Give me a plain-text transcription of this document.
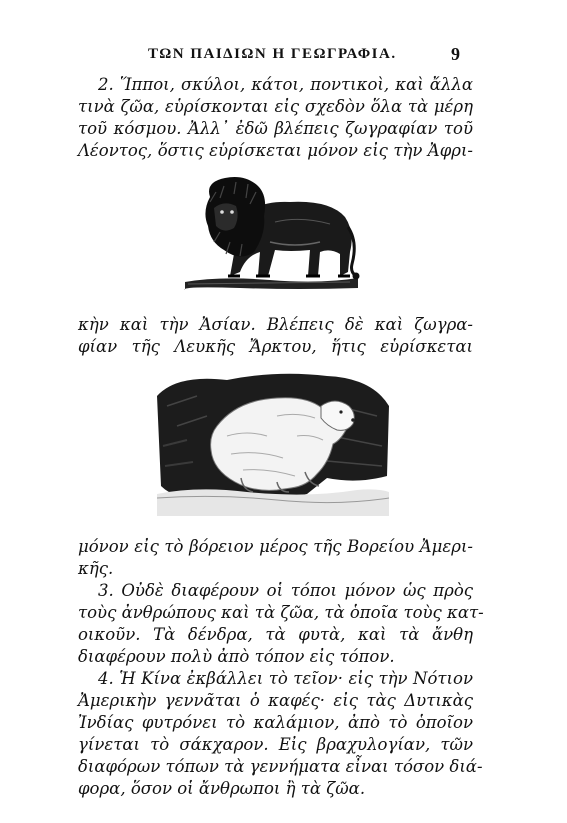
ΤΩΝ ΠΑΙΔΙΩΝ Η ΓΕΩΓΡΑΦΙΑ.	9
2. Ἵπποι, σκύλοι, κάτοι, ποντικοὶ, καὶ ἄλλα
τινὰ ζῶα, εὑρίσκονται εἰς σχεδὸν ὅλα τὰ μέρη
τοῦ κόσμου. Ἀλλ᾽ ἐδῶ βλέπεις ζωγραφίαν τοῦ
Λέοντος, ὅστις εὑρίσκεται μόνον εἰς τὴν Ἀφρι-
κὴν καὶ τὴν Ἀσίαν. Βλέπεις δὲ καὶ ζωγρα-
φίαν τῆς Λευκῆς Ἄρκτου, ἥτις εὑρίσκεται
μόνον εἰς τὸ βόρειον μέρος τῆς Βορείου Ἀμερι-
κῆς.
3. Οὐδὲ διαφέρουν οἱ τόποι μόνον ὡς πρὸς
τοὺς ἀνθρώπους καὶ τὰ ζῶα, τὰ ὁποῖα τοὺς κατ-
οικοῦν. Τὰ δένδρα, τὰ φυτὰ, καὶ τὰ ἄνθη
διαφέρουν πολὺ ἀπὸ τόπον εἰς τόπον.
4. Ἡ Κίνα ἐκβάλλει τὸ τεῖον· εἰς τὴν Νότιον
Ἀμερικὴν γεννᾶται ὁ καφές· εἰς τὰς Δυτικὰς
Ἰνδίας φυτρόνει τὸ καλάμιον, ἀπὸ τὸ ὁποῖον
γίνεται τὸ σάκχαρον. Εἰς βραχυλογίαν, τῶν
διαφόρων τόπων τὰ γεννήματα εἶναι τόσον διά-
φορα, ὅσον οἱ ἄνθρωποι ἢ τὰ ζῶα.
